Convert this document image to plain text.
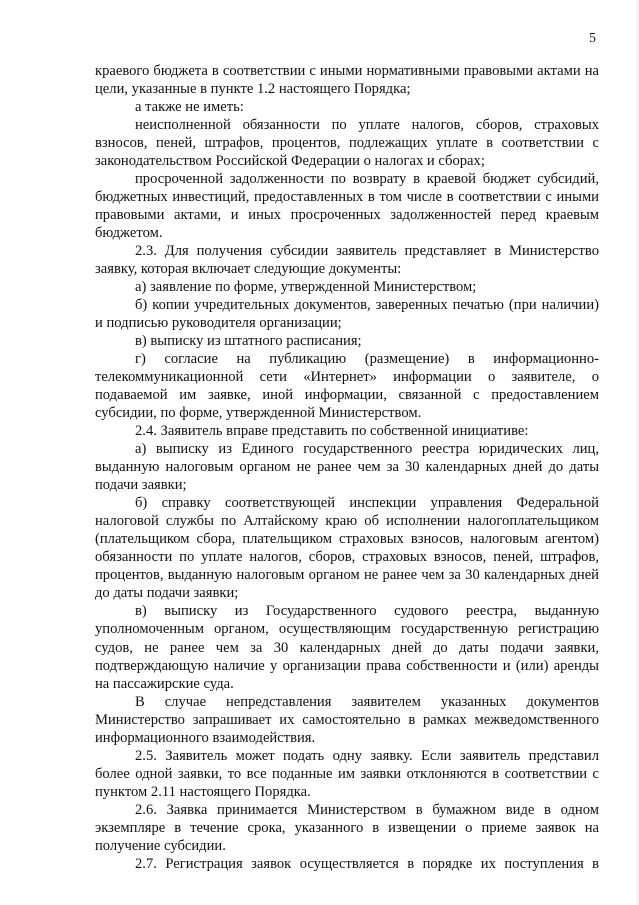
5

краевого бюджета в соответствии с иными нормативными правовыми актами на цели, указанные в пункте 1.2 настоящего Порядка;

а также не иметь:

неисполненной обязанности по уплате налогов, сборов, страховых взносов, пеней, штрафов, процентов, подлежащих уплате в соответствии с законодательством Российской Федерации о налогах и сборах;

просроченной задолженности по возврату в краевой бюджет субсидий, бюджетных инвестиций, предоставленных в том числе в соответствии с иными правовыми актами, и иных просроченных задолженностей перед краевым бюджетом.

2.3. Для получения субсидии заявитель представляет в Министерство заявку, которая включает следующие документы:

а) заявление по форме, утвержденной Министерством;

б) копии учредительных документов, заверенных печатью (при наличии) и подписью руководителя организации;

в) выписку из штатного расписания;

г) согласие на публикацию (размещение) в информационно-телекоммуникационной сети «Интернет» информации о заявителе, о подаваемой им заявке, иной информации, связанной с предоставлением субсидии, по форме, утвержденной Министерством.

2.4. Заявитель вправе представить по собственной инициативе:

а) выписку из Единого государственного реестра юридических лиц, выданную налоговым органом не ранее чем за 30 календарных дней до даты подачи заявки;

б) справку соответствующей инспекции управления Федеральной налоговой службы по Алтайскому краю об исполнении налогоплательщиком (плательщиком сбора, плательщиком страховых взносов, налоговым агентом) обязанности по уплате налогов, сборов, страховых взносов, пеней, штрафов, процентов, выданную налоговым органом не ранее чем за 30 календарных дней до даты подачи заявки;

в) выписку из Государственного судового реестра, выданную уполномоченным органом, осуществляющим государственную регистрацию судов, не ранее чем за 30 календарных дней до даты подачи заявки, подтверждающую наличие у организации права собственности и (или) аренды на пассажирские суда.

В случае непредставления заявителем указанных документов Министерство запрашивает их самостоятельно в рамках межведомственного информационного взаимодействия.

2.5. Заявитель может подать одну заявку. Если заявитель представил более одной заявки, то все поданные им заявки отклоняются в соответствии с пунктом 2.11 настоящего Порядка.

2.6. Заявка принимается Министерством в бумажном виде в одном экземпляре в течение срока, указанного в извещении о приеме заявок на получение субсидии.

2.7. Регистрация заявок осуществляется в порядке их поступления в
